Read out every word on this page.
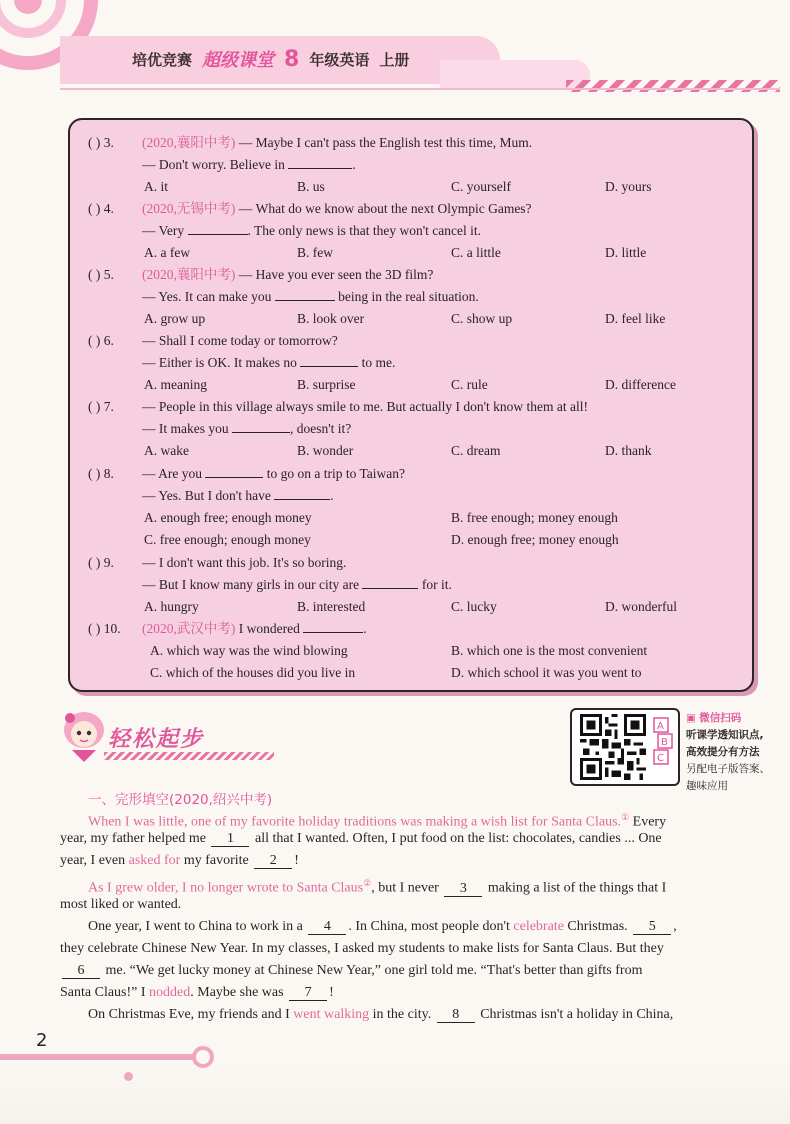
培优竞赛 超级课堂 8 年级英语 上册
( ) 3. (2020,襄阳中考) — Maybe I can't pass the English test this time, Mum.
— Don't worry. Believe in	.
A. it	B. us	C. yourself	D. yours
( ) 4. (2020,无锡中考) — What do we know about the next Olympic Games?
— Very	. The only news is that they won't cancel it.
A. a few	B. few	C. a little	D. little
( ) 5. (2020,襄阳中考) — Have you ever seen the 3D film?
— Yes. It can make you	being in the real situation.
A. grow up	B. look over	C. show up	D. feel like
( ) 6. — Shall I come today or tomorrow?
— Either is OK. It makes no	to me.
A. meaning	B. surprise	C. rule	D. difference
( ) 7. — People in this village always smile to me. But actually I don't know them at all!
— It makes you	, doesn't it?
A. wake	B. wonder	C. dream	D. thank
( ) 8. — Are you	to go on a trip to Taiwan?
— Yes. But I don't have	.
A. enough free; enough money	B. free enough; money enough
C. free enough; enough money	D. enough free; money enough
( ) 9. — I don't want this job. It's so boring.
— But I know many girls in our city are	for it.
A. hungry	B. interested	C. lucky	D. wonderful
( ) 10. (2020,武汉中考) I wondered	.
A. which way was the wind blowing	B. which one is the most convenient
C. which of the houses did you live in	D. which school it was you went to
轻松起步
A
B
C
▣ 微信扫码
听课学透知识点,
高效提分有方法
另配电子版答案、
趣味应用
一、完形填空(2020,绍兴中考)
When I was little, one of my favorite holiday traditions was making a wish list for Santa Claus.① Every
year, my father helped me 1 all that I wanted. Often, I put food on the list: chocolates, candies ... One
year, I even asked for my favorite 2 !
As I grew older, I no longer wrote to Santa Claus②, but I never 3 making a list of the things that I
most liked or wanted.
One year, I went to China to work in a 4 . In China, most people don't celebrate Christmas. 5 ,
they celebrate Chinese New Year. In my classes, I asked my students to make lists for Santa Claus. But they
6 me. “We get lucky money at Chinese New Year,” one girl told me. “That's better than gifts from
Santa Claus!” I nodded. Maybe she was 7 !
On Christmas Eve, my friends and I went walking in the city. 8 Christmas isn't a holiday in China,
2
